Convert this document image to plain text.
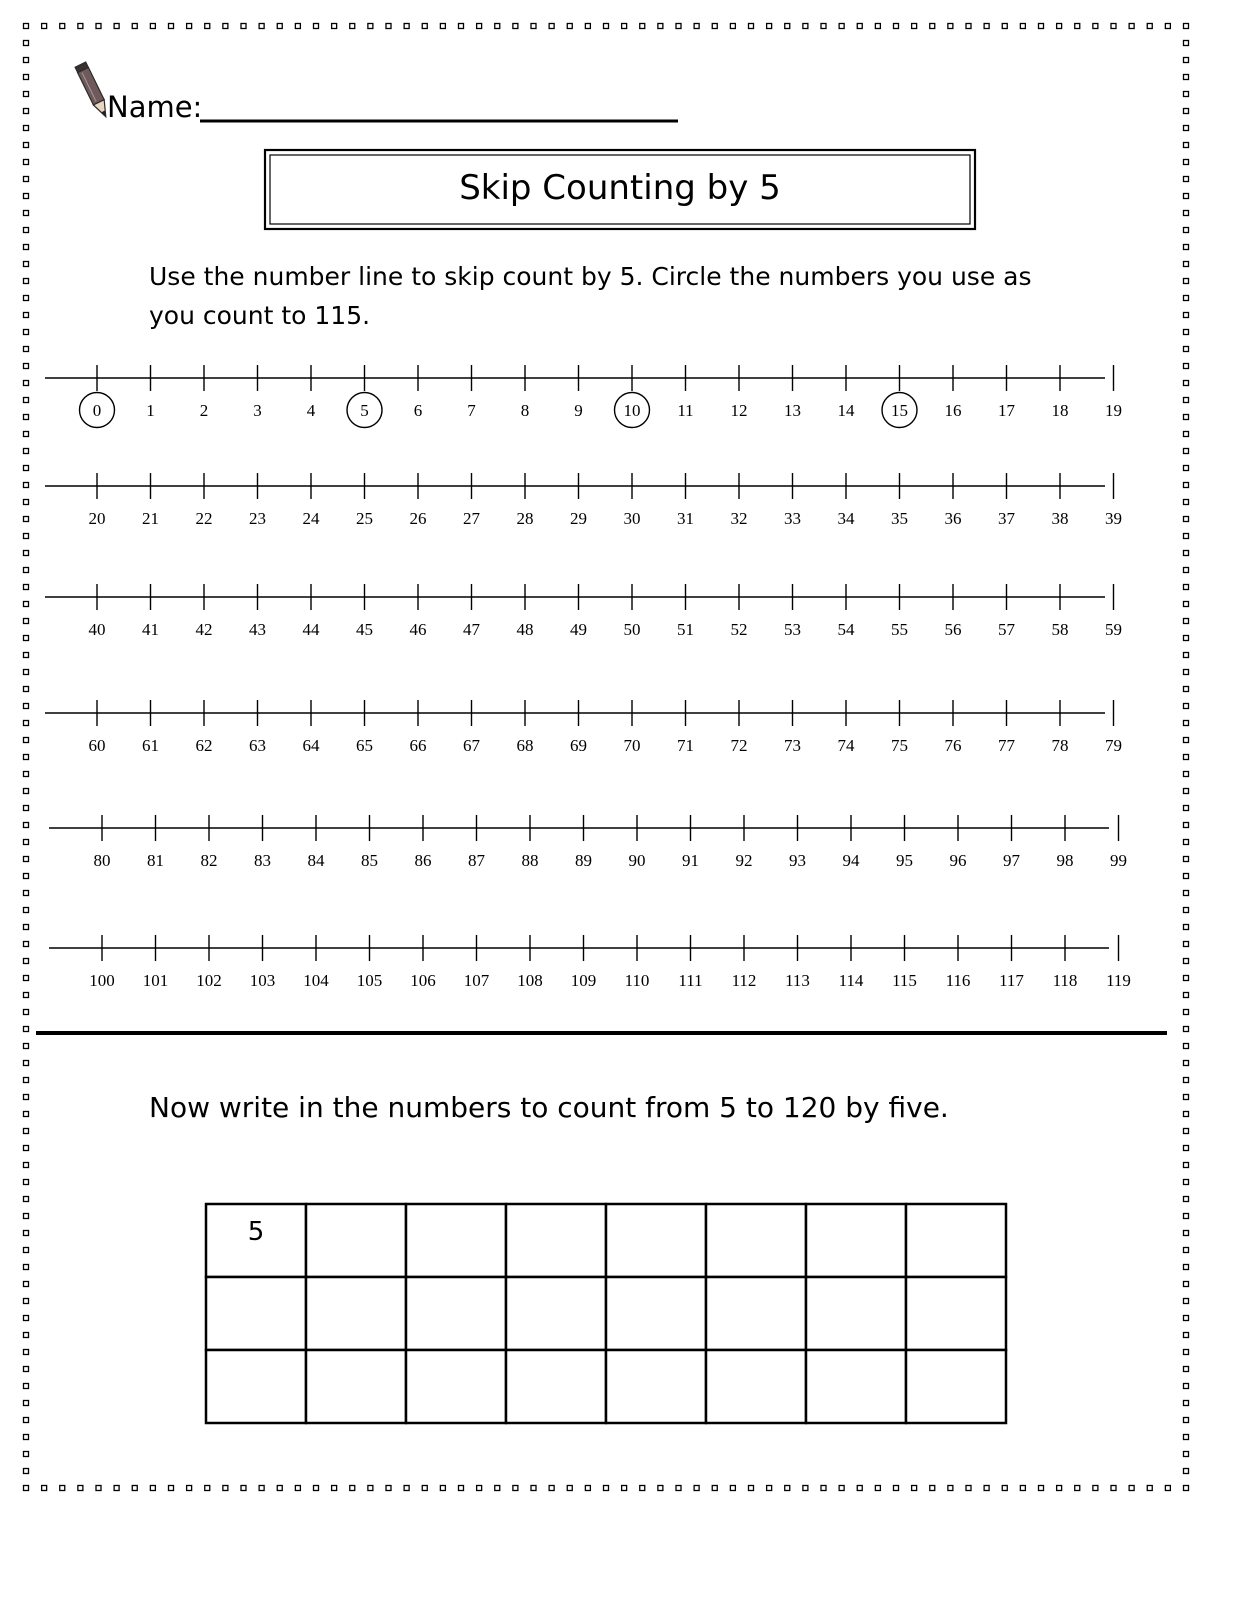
Name:
Skip Counting by 5
Use the number line to skip count by 5. Circle the numbers you use as
you count to 115.
0	1	2	3	4	5	6	7	8	9 10 11 12 13 14 15 16 17 18 19
20 21 22 23 24 25 26 27 28 29 30 31 32 33 34 35 36 37 38 39
40 41 42 43 44 45 46 47 48 49 50 51 52 53 54 55 56 57 58 59
60 61 62 63 64 65 66 67 68 69 70 71 72 73 74 75 76 77 78 79
80 81 82 83 84 85 86 87 88 89 90 91 92 93 94 95 96 97 98 99
100 101 102 103 104 105 106 107 108 109 110 111 112 113 114 115 116 117 118 119
Now write in the numbers to count from 5 to 120 by five.
5
